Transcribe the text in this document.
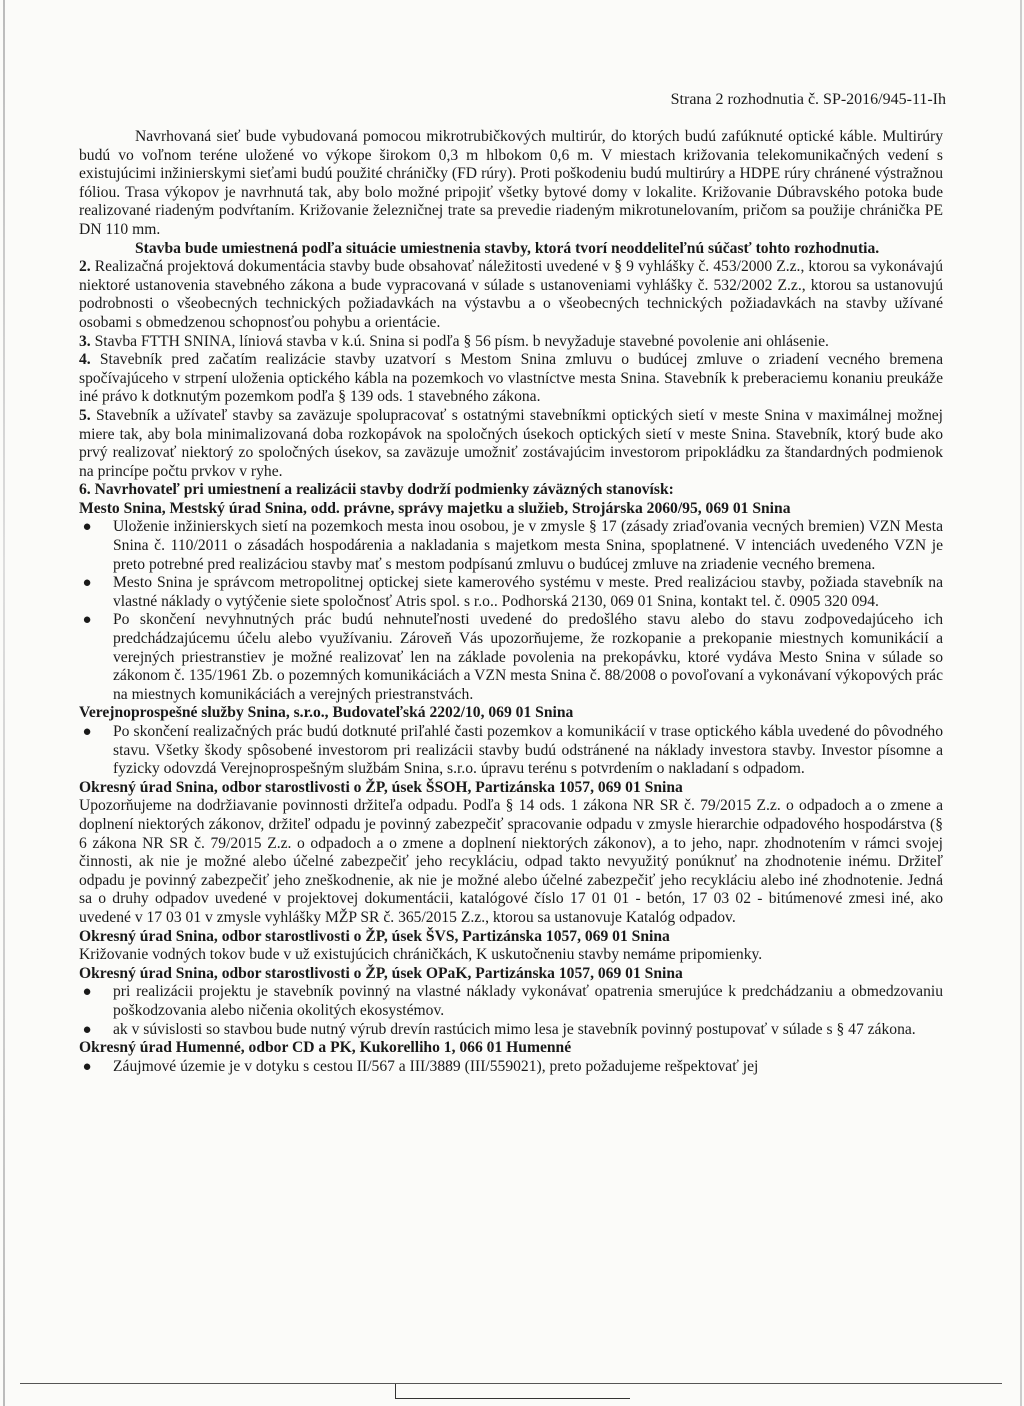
Strana 2 rozhodnutia č. SP-2016/945-11-Ih

Navrhovaná sieť bude vybudovaná pomocou mikrotrubičkových multirúr, do ktorých budú zafúknuté optické káble. Multirúry budú vo voľnom teréne uložené vo výkope širokom 0,3 m hlbokom 0,6 m. V miestach križovania telekomunikačných vedení s existujúcimi inžinierskymi sieťami budú použité chráničky (FD rúry). Proti poškodeniu budú multirúry a HDPE rúry chránené výstražnou fóliou. Trasa výkopov je navrhnutá tak, aby bolo možné pripojiť všetky bytové domy v lokalite. Križovanie Dúbravského potoka bude realizované riadeným podvŕtaním. Križovanie železničnej trate sa prevedie riadeným mikrotunelovaním, pričom sa použije chránička PE DN 110 mm.

Stavba bude umiestnená podľa situácie umiestnenia stavby, ktorá tvorí neoddeliteľnú súčasť tohto rozhodnutia.

2. Realizačná projektová dokumentácia stavby bude obsahovať náležitosti uvedené v § 9 vyhlášky č. 453/2000 Z.z., ktorou sa vykonávajú niektoré ustanovenia stavebného zákona a bude vypracovaná v súlade s ustanoveniami vyhlášky č. 532/2002 Z.z., ktorou sa ustanovujú podrobnosti o všeobecných technických požiadavkách na výstavbu a o všeobecných technických požiadavkách na stavby užívané osobami s obmedzenou schopnosťou pohybu a orientácie.

3. Stavba FTTH SNINA, líniová stavba v k.ú. Snina si podľa § 56 písm. b nevyžaduje stavebné povolenie ani ohlásenie.

4. Stavebník pred začatím realizácie stavby uzatvorí s Mestom Snina zmluvu o budúcej zmluve o zriadení vecného bremena spočívajúceho v strpení uloženia optického kábla na pozemkoch vo vlastníctve mesta Snina. Stavebník k preberaciemu konaniu preukáže iné právo k dotknutým pozemkom podľa § 139 ods. 1 stavebného zákona.

5. Stavebník a užívateľ stavby sa zaväzuje spolupracovať s ostatnými stavebníkmi optických sietí v meste Snina v maximálnej možnej miere tak, aby bola minimalizovaná doba rozkopávok na spoločných úsekoch optických sietí v meste Snina. Stavebník, ktorý bude ako prvý realizovať niektorý zo spoločných úsekov, sa zaväzuje umožniť zostávajúcim investorom pripokládku za štandardných podmienok na princípe počtu prvkov v ryhe.

6. Navrhovateľ pri umiestnení a realizácii stavby dodrží podmienky záväzných stanovísk:

Mesto Snina, Mestský úrad Snina, odd. právne, správy majetku a služieb, Strojárska 2060/95, 069 01 Snina

● Uloženie inžinierskych sietí na pozemkoch mesta inou osobou, je v zmysle § 17 (zásady zriaďovania vecných bremien) VZN Mesta Snina č. 110/2011 o zásadách hospodárenia a nakladania s majetkom mesta Snina, spoplatnené. V intenciách uvedeného VZN je preto potrebné pred realizáciou stavby mať s mestom podpísanú zmluvu o budúcej zmluve na zriadenie vecného bremena.
● Mesto Snina je správcom metropolitnej optickej siete kamerového systému v meste. Pred realizáciou stavby, požiada stavebník na vlastné náklady o vytýčenie siete spoločnosť Atris spol. s r.o.. Podhorská 2130, 069 01 Snina, kontakt tel. č. 0905 320 094.
● Po skončení nevyhnutných prác budú nehnuteľnosti uvedené do predošlého stavu alebo do stavu zodpovedajúceho ich predchádzajúcemu účelu alebo využívaniu. Zároveň Vás upozorňujeme, že rozkopanie a prekopanie miestnych komunikácií a verejných priestranstiev je možné realizovať len na základe povolenia na prekopávku, ktoré vydáva Mesto Snina v súlade so zákonom č. 135/1961 Zb. o pozemných komunikáciách a VZN mesta Snina č. 88/2008 o povoľovaní a vykonávaní výkopových prác na miestnych komunikáciách a verejných priestranstvách.

Verejnoprospešné služby Snina, s.r.o., Budovateľská 2202/10, 069 01 Snina

● Po skončení realizačných prác budú dotknuté priľahlé časti pozemkov a komunikácií v trase optického kábla uvedené do pôvodného stavu. Všetky škody spôsobené investorom pri realizácii stavby budú odstránené na náklady investora stavby. Investor písomne a fyzicky odovzdá Verejnoprospešným službám Snina, s.r.o. úpravu terénu s potvrdením o nakladaní s odpadom.

Okresný úrad Snina, odbor starostlivosti o ŽP, úsek ŠSOH, Partizánska 1057, 069 01 Snina

Upozorňujeme na dodržiavanie povinnosti držiteľa odpadu. Podľa § 14 ods. 1 zákona NR SR č. 79/2015 Z.z. o odpadoch a o zmene a doplnení niektorých zákonov, držiteľ odpadu je povinný zabezpečiť spracovanie odpadu v zmysle hierarchie odpadového hospodárstva (§ 6 zákona NR SR č. 79/2015 Z.z. o odpadoch a o zmene a doplnení niektorých zákonov), a to jeho, napr. zhodnotením v rámci svojej činnosti, ak nie je možné alebo účelné zabezpečiť jeho recykláciu, odpad takto nevyužitý ponúknuť na zhodnotenie inému. Držiteľ odpadu je povinný zabezpečiť jeho zneškodnenie, ak nie je možné alebo účelné zabezpečiť jeho recykláciu alebo iné zhodnotenie. Jedná sa o druhy odpadov uvedené v projektovej dokumentácii, katalógové číslo 17 01 01 - betón, 17 03 02 - bitúmenové zmesi iné, ako uvedené v 17 03 01 v zmysle vyhlášky MŽP SR č. 365/2015 Z.z., ktorou sa ustanovuje Katalóg odpadov.

Okresný úrad Snina, odbor starostlivosti o ŽP, úsek ŠVS, Partizánska 1057, 069 01 Snina

Križovanie vodných tokov bude v už existujúcich chráničkách, K uskutočneniu stavby nemáme pripomienky.

Okresný úrad Snina, odbor starostlivosti o ŽP, úsek OPaK, Partizánska 1057, 069 01 Snina

● pri realizácii projektu je stavebník povinný na vlastné náklady vykonávať opatrenia smerujúce k predchádzaniu a obmedzovaniu poškodzovania alebo ničenia okolitých ekosystémov.
● ak v súvislosti so stavbou bude nutný výrub drevín rastúcich mimo lesa je stavebník povinný postupovať v súlade s § 47 zákona.

Okresný úrad Humenné, odbor CD a PK, Kukorelliho 1, 066 01 Humenné

● Záujmové územie je v dotyku s cestou II/567 a III/3889 (III/559021), preto požadujeme rešpektovať jej
